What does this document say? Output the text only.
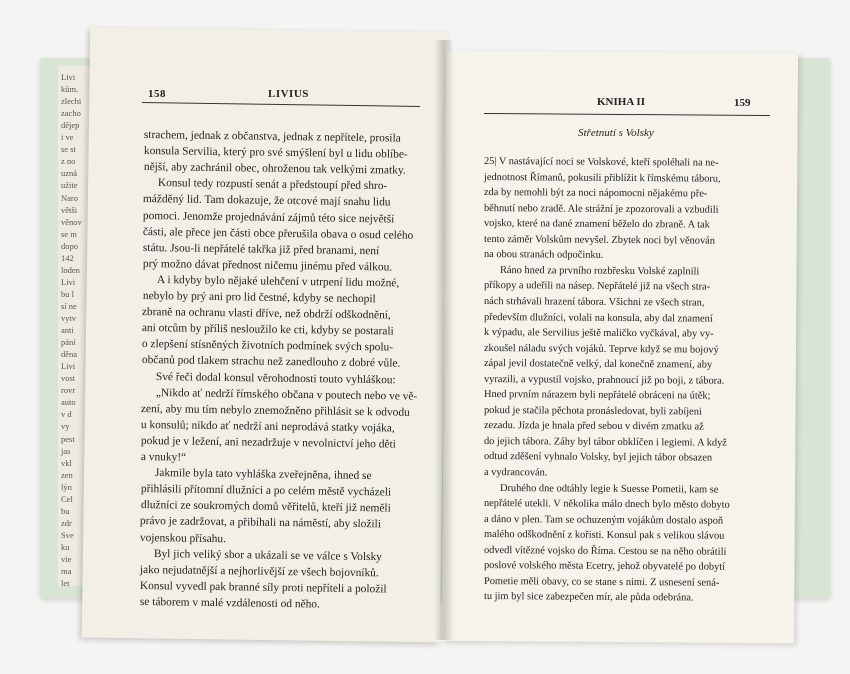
Livi
kům.
zlechi
zacho
dějep
i ve
se st
z no
uzná
užite
Naro
větši
věnov
se m
dopo
142
loden
Livi
bu l
sí ne
vytv
anti
pání
děna
Livi
vost
rovr
auto
v d
vy
pest
jas
vkl
zen
lýn
Cel
bu
zdr
Sve
ku
vie
ma
let
158	LIVIUS
KNIHA II	159
Střetnutí s Volsky
strachem, jednak z občanstva, jednak z nepřítele, prosila
konsula Servilia, který pro své smýšlení byl u lidu oblíbe-
nější, aby zachránil obec, ohroženou tak velkými zmatky.
Konsul tedy rozpustí senát a předstoupí před shro-
mážděný lid. Tam dokazuje, že otcové mají snahu lidu
pomoci. Jenomže projednávání zájmů této sice největší
části, ale přece jen části obce přerušila obava o osud celého
státu. Jsou-li nepřátelé takřka již před branami, není
prý možno dávat přednost ničemu jinému před válkou.
A i kdyby bylo nějaké ulehčení v utrpení lidu možné,
nebylo by prý ani pro lid čestné, kdyby se nechopil
zbraně na ochranu vlasti dříve, než obdrží odškodnění,
ani otcům by příliš nesloužilo ke cti, kdyby se postarali
o zlepšení stísněných životních podmínek svých spolu-
občanů pod tlakem strachu než zanedlouho z dobré vůle.
Své řeči dodal konsul věrohodnosti touto vyhláškou:
„Nikdo ať nedrží římského občana v poutech nebo ve vě-
zení, aby mu tím nebylo znemožněno přihlásit se k odvodu
u konsulů; nikdo ať nedrží ani neprodává statky vojáka,
pokud je v ležení, ani nezadržuje v nevolnictví jeho děti
a vnuky!“
Jakmile byla tato vyhláška zveřejněna, ihned se
přihlásili přítomní dlužníci a po celém městě vycházeli
dlužníci ze soukromých domů věřitelů, kteří již neměli
právo je zadržovat, a přibíhali na náměstí, aby složili
vojenskou přísahu.
Byl jich veliký sbor a ukázali se ve válce s Volsky
jako nejudatnější a nejhorlivější ze všech bojovníků.
Konsul vyvedl pak branné síly proti nepříteli a položil
se táborem v malé vzdálenosti od něho.
25| V nastávající noci se Volskové, kteří spoléhali na ne-
jednotnost Římanů, pokusili přiblížit k římskému táboru,
zda by nemohli být za noci nápomocni nějakému pře-
běhnutí nebo zradě. Ale strážní je zpozorovali a vzbudili
vojsko, které na dané znamení běželo do zbraně. A tak
tento záměr Volskům nevyšel. Zbytek noci byl věnován
na obou stranách odpočinku.
Ráno hned za prvního rozbřesku Volské zaplnili
příkopy a udeřili na násep. Nepřátelé již na všech stra-
nách strhávali hrazení tábora. Všichni ze všech stran,
především dlužníci, volali na konsula, aby dal znamení
k výpadu, ale Servilius ještě maličko vyčkával, aby vy-
zkoušel náladu svých vojáků. Teprve když se mu bojový
zápal jevil dostatečně velký, dal konečně znamení, aby
vyrazili, a vypustil vojsko, prahnoucí již po boji, z tábora.
Hned prvním nárazem byli nepřátelé obráceni na útěk;
pokud je stačila pěchota pronásledovat, byli zabíjeni
zezadu. Jízda je hnala před sebou v divém zmatku až
do jejich tábora. Záhy byl tábor obklíčen i legiemi. A když
odtud zděšení vyhnalo Volsky, byl jejich tábor obsazen
a vydrancován.
Druhého dne odtáhly legie k Suesse Pometii, kam se
nepřátelé utekli. V několika málo dnech bylo město dobyto
a dáno v plen. Tam se ochuzeným vojákům dostalo aspoň
malého odškodnění z kořisti. Konsul pak s velikou slávou
odvedl vítězné vojsko do Říma. Cestou se na něho obrátili
poslové volského města Ecetry, jehož obyvatelé po dobytí
Pometie měli obavy, co se stane s nimi. Z usnesení sená-
tu jim byl sice zabezpečen mír, ale půda odebrána.
